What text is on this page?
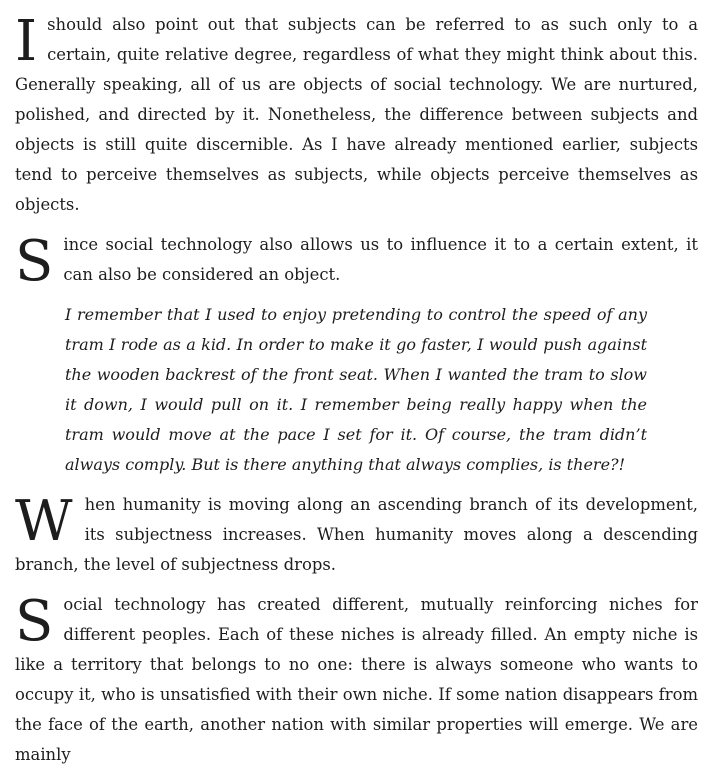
Ishould also point out that subjects can be referred to as such only to a certain, quite relative degree, regardless of what they might think about this. Generally speaking, all of us are objects of social technology. We are nurtured, polished, and directed by it. Nonetheless, the difference between subjects and objects is still quite discernible. As I have already mentioned earlier, subjects tend to perceive themselves as subjects, while objects perceive themselves as objects.

Since social technology also allows us to influence it to a certain extent, it can also be considered an object.

I remember that I used to enjoy pretending to control the speed of any tram I rode as a kid. In order to make it go faster, I would push against the wooden backrest of the front seat. When I wanted the tram to slow it down, I would pull on it. I remember being really happy when the tram would move at the pace I set for it. Of course, the tram didn’t always comply. But is there anything that always complies, is there?!

When humanity is moving along an ascending branch of its development, its subjectness increases. When humanity moves along a descending branch, the level of subjectness drops.

Social technology has created different, mutually reinforcing niches for different peoples. Each of these niches is already filled. An empty niche is like a territory that belongs to no one: there is always someone who wants to occupy it, who is unsatisfied with their own niche. If some nation disappears from the face of the earth, another nation with similar properties will emerge. We are mainly
